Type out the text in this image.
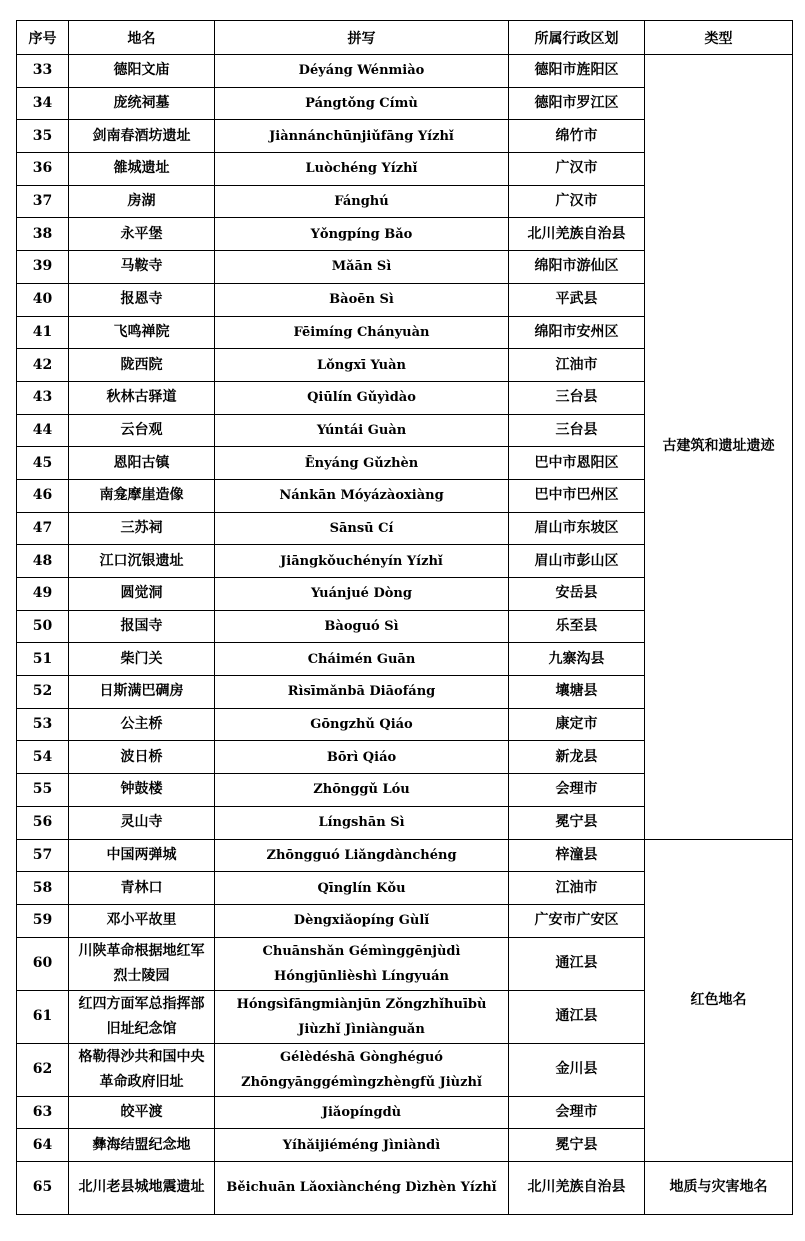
序号	地名	拼写	所属行政区划	类型
33	德阳文庙	Déyáng Wénmiào	德阳市旌阳区	古建筑和遗址遗迹
34	庞统祠墓	Pángtǒng Címù	德阳市罗江区	
35	剑南春酒坊遗址	Jiànnánchūnjiǔfāng Yízhǐ	绵竹市	
36	雒城遗址	Luòchéng Yízhǐ	广汉市	
37	房湖	Fánghú	广汉市	
38	永平堡	Yǒngpíng Bǎo	北川羌族自治县	
39	马鞍寺	Mǎān Sì	绵阳市游仙区	
40	报恩寺	Bàoēn Sì	平武县	
41	飞鸣禅院	Fēimíng Chányuàn	绵阳市安州区	
42	陇西院	Lǒngxī Yuàn	江油市	
43	秋林古驿道	Qiūlín Gǔyìdào	三台县	
44	云台观	Yúntái Guàn	三台县	
45	恩阳古镇	Ēnyáng Gǔzhèn	巴中市恩阳区	
46	南龛摩崖造像	Nánkān Móyázàoxiàng	巴中市巴州区	
47	三苏祠	Sānsū Cí	眉山市东坡区	
48	江口沉银遗址	Jiāngkǒuchényín Yízhǐ	眉山市彭山区	
49	圆觉洞	Yuánjué Dòng	安岳县	
50	报国寺	Bàoguó Sì	乐至县	
51	柴门关	Cháimén Guān	九寨沟县	
52	日斯满巴碉房	Rìsīmǎnbā Diāofáng	壤塘县	
53	公主桥	Gōngzhǔ Qiáo	康定市	
54	波日桥	Bōrì Qiáo	新龙县	
55	钟鼓楼	Zhōnggǔ Lóu	会理市	
56	灵山寺	Língshān Sì	冕宁县	
57	中国两弹城	Zhōngguó Liǎngdànchéng	梓潼县	红色地名
58	青林口	Qīnglín Kǒu	江油市	
59	邓小平故里	Dèngxiǎopíng Gùlǐ	广安市广安区	
60	川陕革命根据地红军烈士陵园	Chuānshǎn Gémìnggēnjùdì Hóngjūnlièshì Língyuán	通江县	
61	红四方面军总指挥部旧址纪念馆	Hóngsìfāngmiànjūn Zǒngzhǐhuībù Jiùzhǐ Jìniànguǎn	通江县	
62	格勒得沙共和国中央革命政府旧址	Gélèdéshā Gònghéguó Zhōngyānggémìngzhèngfǔ Jiùzhǐ	金川县	
63	皎平渡	Jiǎopíngdù	会理市	
64	彝海结盟纪念地	Yíhǎijiéméng Jìniàndì	冕宁县	
65	北川老县城地震遗址	Běichuān Lǎoxiànchéng Dìzhèn Yízhǐ	北川羌族自治县	地质与灾害地名
